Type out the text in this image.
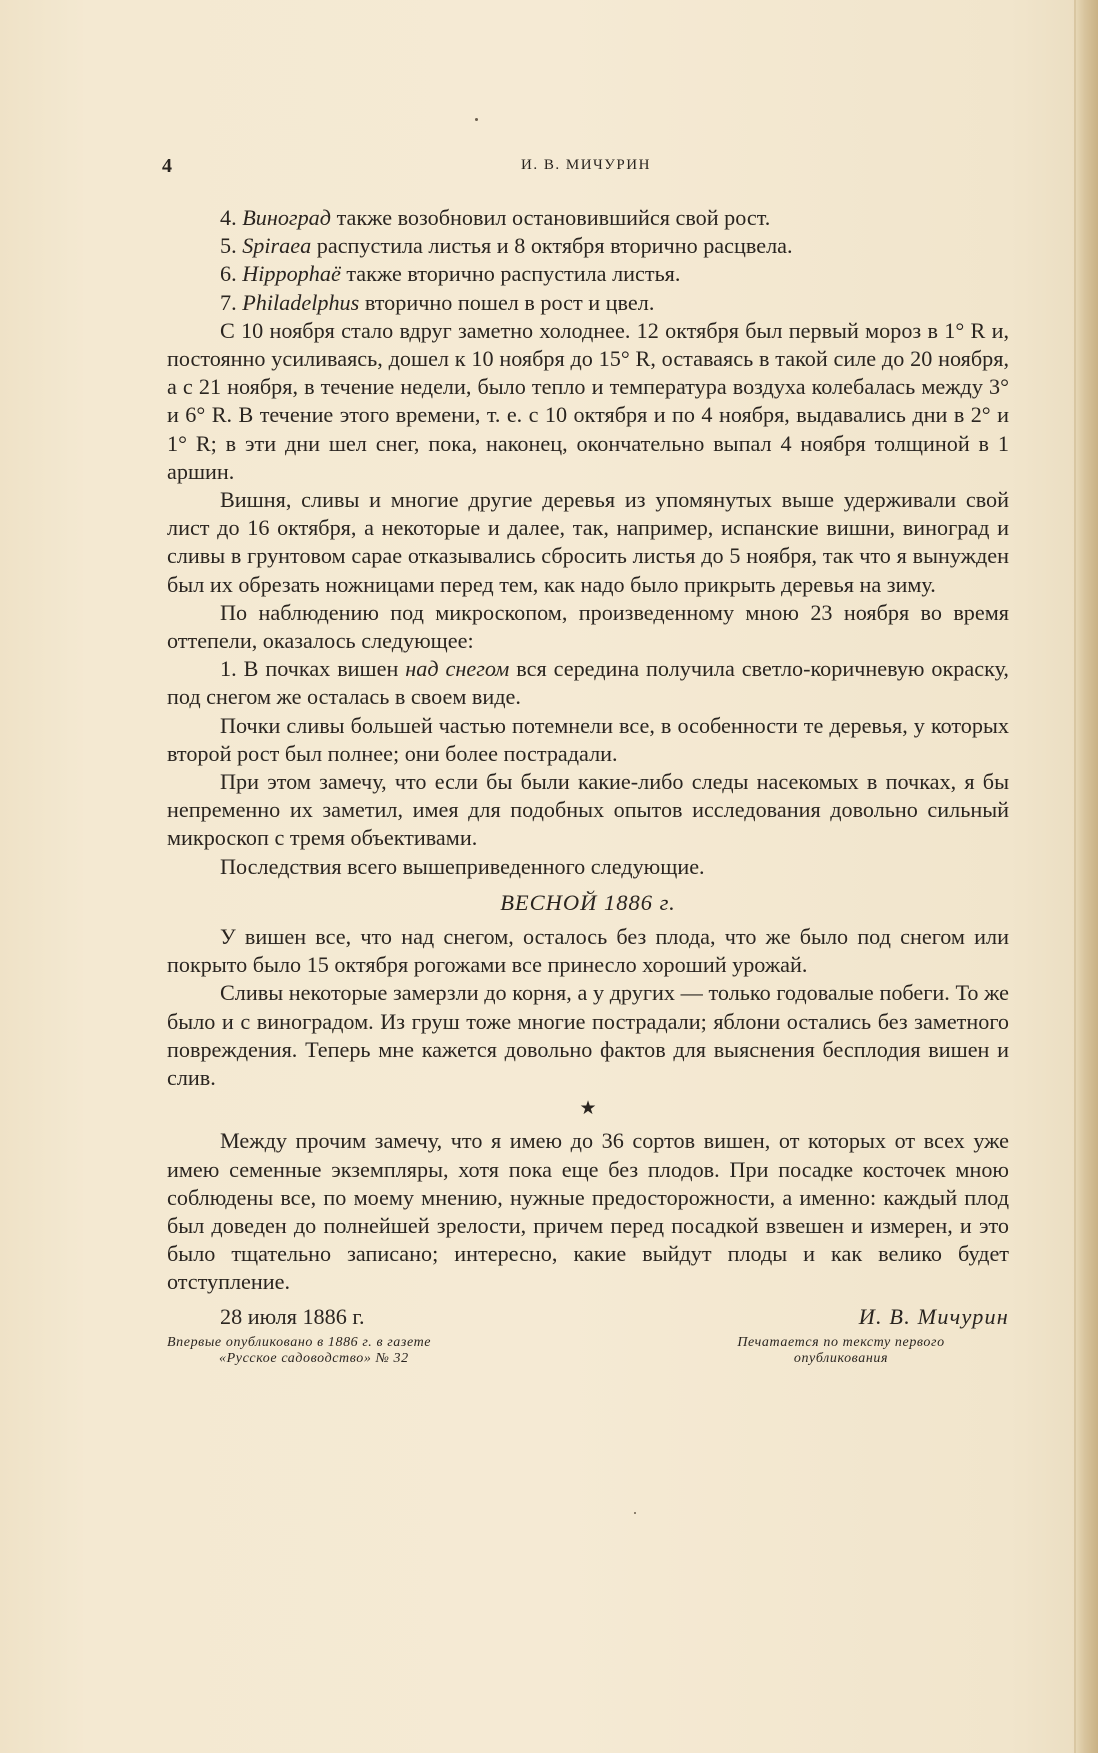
4	И. В. МИЧУРИН

4. Виноград также возобновил остановившийся свой рост.

5. Spiraea распустила листья и 8 октября вторично расцвела.

6. Hippophaë также вторично распустила листья.

7. Philadelphus вторично пошел в рост и цвел.

С 10 ноября стало вдруг заметно холоднее. 12 октября был первый мороз в 1° R и, постоянно усиливаясь, дошел к 10 ноября до 15° R, оставаясь в такой силе до 20 ноября, а с 21 ноября, в течение недели, было тепло и температура воздуха колебалась между 3° и 6° R. В течение этого времени, т. е. с 10 октября и по 4 ноября, выдавались дни в 2° и 1° R; в эти дни шел снег, пока, наконец, окончательно выпал 4 ноября толщиной в 1 аршин.

Вишня, сливы и многие другие деревья из упомянутых выше удерживали свой лист до 16 октября, а некоторые и далее, так, например, испанские вишни, виноград и сливы в грунтовом сарае отказывались сбросить листья до 5 ноября, так что я вынужден был их обрезать ножницами перед тем, как надо было прикрыть деревья на зиму.

По наблюдению под микроскопом, произведенному мною 23 ноября во время оттепели, оказалось следующее:

1. В почках вишен над снегом вся середина получила светло-коричневую окраску, под снегом же осталась в своем виде.

Почки сливы большей частью потемнели все, в особенности те деревья, у которых второй рост был полнее; они более пострадали.

При этом замечу, что если бы были какие-либо следы насекомых в почках, я бы непременно их заметил, имея для подобных опытов исследования довольно сильный микроскоп с тремя объективами.

Последствия всего вышеприведенного следующие.

ВЕСНОЙ 1886 г.

У вишен все, что над снегом, осталось без плода, что же было под снегом или покрыто было 15 октября рогожами все принесло хороший урожай.

Сливы некоторые замерзли до корня, а у других — только годовалые побеги. То же было и с виноградом. Из груш тоже многие пострадали; яблони остались без заметного повреждения. Теперь мне кажется довольно фактов для выяснения бесплодия вишен и слив.

★

Между прочим замечу, что я имею до 36 сортов вишен, от которых от всех уже имею семенные экземпляры, хотя пока еще без плодов. При посадке косточек мною соблюдены все, по моему мнению, нужные предосторожности, а именно: каждый плод был доведен до полнейшей зрелости, причем перед посадкой взвешен и измерен, и это было тщательно записано; интересно, какие выйдут плоды и как велико будет отступление.

28 июля 1886 г.	И. В. Мичурин
Впервые опубликовано в 1886 г. в газете
«Русское садоводство» № 32
Печатается по тексту первого
опубликования
